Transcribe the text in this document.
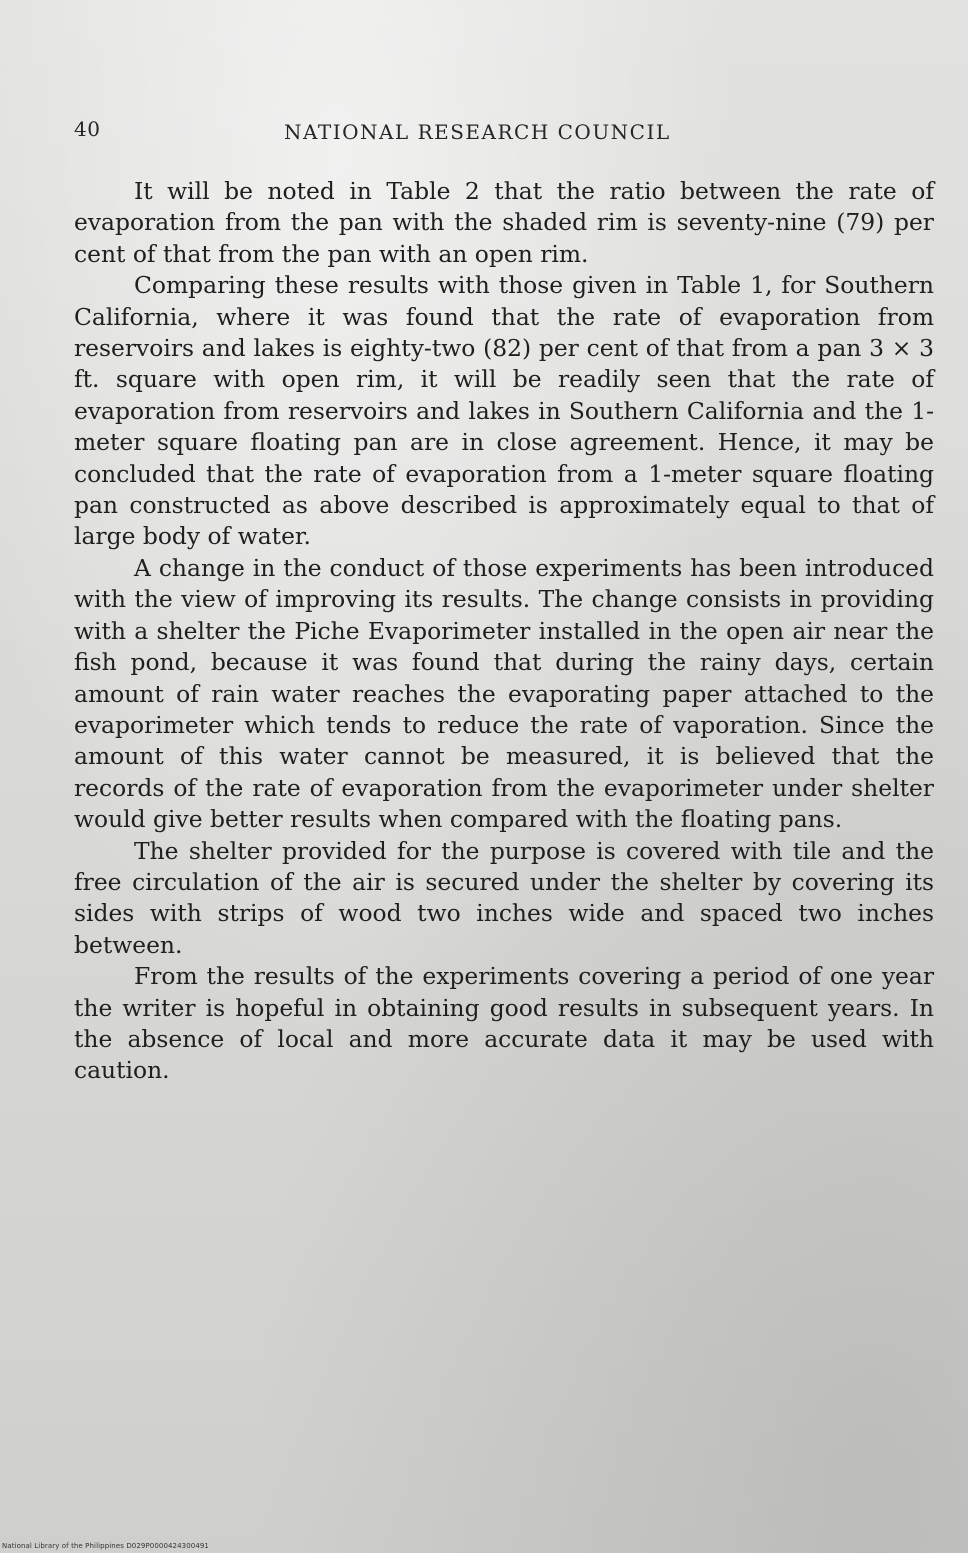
40	NATIONAL RESEARCH COUNCIL

It will be noted in Table 2 that the ratio between the rate of evaporation from the pan with the shaded rim is seventy-nine (79) per cent of that from the pan with an open rim.

Comparing these results with those given in Table 1, for Southern California, where it was found that the rate of evaporation from reservoirs and lakes is eighty-two (82) per cent of that from a pan 3 × 3 ft. square with open rim, it will be readily seen that the rate of evaporation from reservoirs and lakes in Southern California and the 1-meter square floating pan are in close agreement. Hence, it may be concluded that the rate of evaporation from a 1-meter square floating pan constructed as above described is approximately equal to that of large body of water.

A change in the conduct of those experiments has been introduced with the view of improving its results. The change consists in providing with a shelter the Piche Evaporimeter installed in the open air near the fish pond, because it was found that during the rainy days, certain amount of rain water reaches the evaporating paper attached to the evaporimeter which tends to reduce the rate of vaporation. Since the amount of this water cannot be measured, it is believed that the records of the rate of evaporation from the evaporimeter under shelter would give better results when compared with the floating pans.

The shelter provided for the purpose is covered with tile and the free circulation of the air is secured under the shelter by covering its sides with strips of wood two inches wide and spaced two inches between.

From the results of the experiments covering a period of one year the writer is hopeful in obtaining good results in subsequent years. In the absence of local and more accurate data it may be used with caution.

National Library of the Philippines D029P0000424300491
